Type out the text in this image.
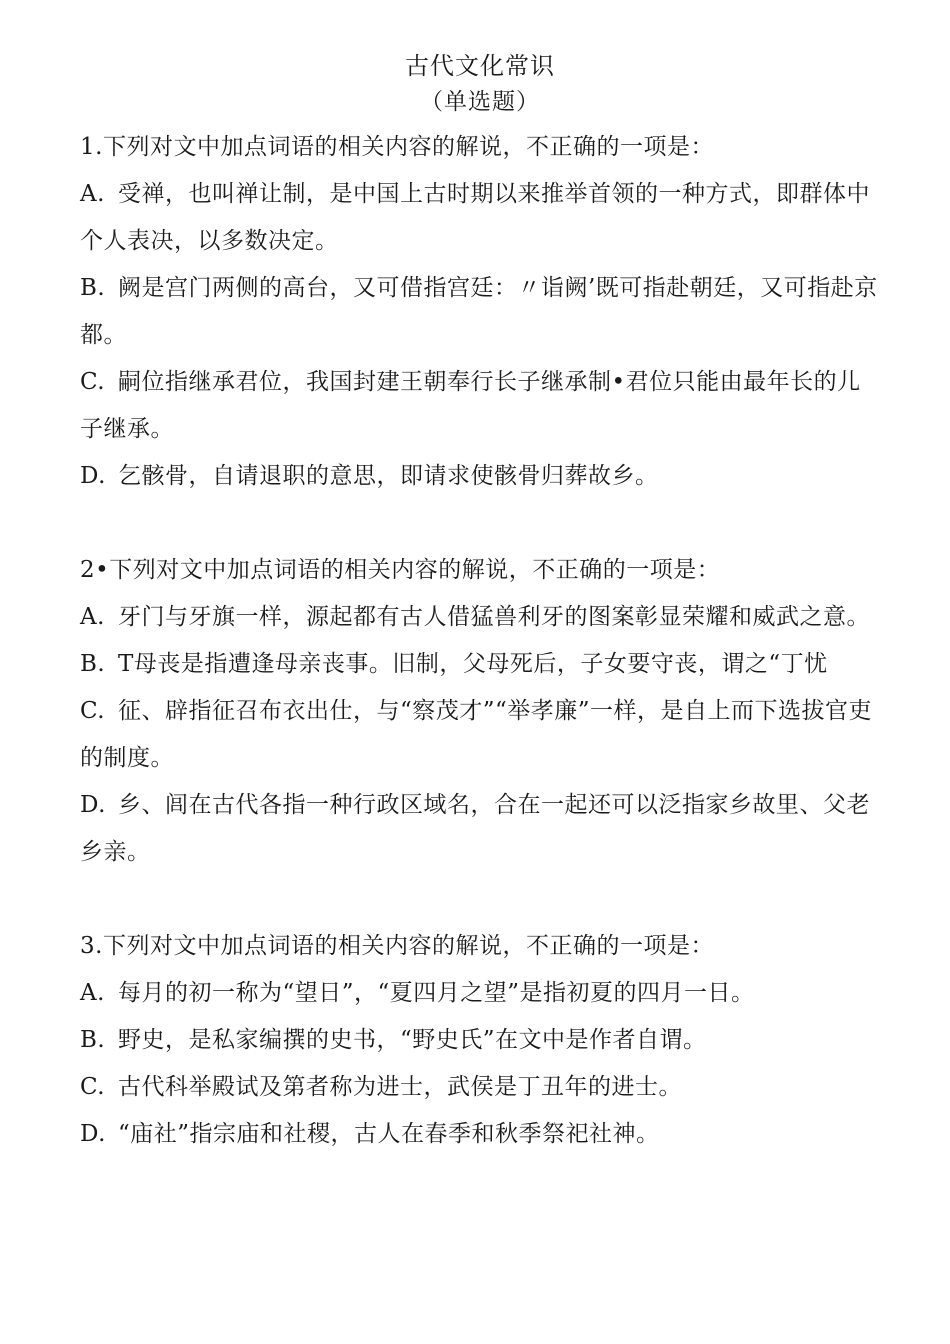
古代文化常识

（单选题）

1.下列对文中加点词语的相关内容的解说，不正确的一项是：

A. 受禅，也叫禅让制，是中国上古时期以来推举首领的一种方式，即群体中个人表决，以多数决定。

B. 阙是宫门两侧的高台，又可借指宫廷：〃诣阙’既可指赴朝廷，又可指赴京都。

C. 嗣位指继承君位，我国封建王朝奉行长子继承制•君位只能由最年长的儿子继承。

D. 乞骸骨，自请退职的意思，即请求使骸骨归葬故乡。

2•下列对文中加点词语的相关内容的解说，不正确的一项是：

A. 牙门与牙旗一样，源起都有古人借猛兽利牙的图案彰显荣耀和威武之意。

B. T母丧是指遭逢母亲丧事。旧制，父母死后，子女要守丧，谓之“丁忧

C. 征、辟指征召布衣出仕，与“察茂才”“举孝廉”一样，是自上而下选拔官吏的制度。

D. 乡、闾在古代各指一种行政区域名，合在一起还可以泛指家乡故里、父老乡亲。

3.下列对文中加点词语的相关内容的解说，不正确的一项是：

A. 每月的初一称为“望日”，“夏四月之望”是指初夏的四月一日。

B. 野史，是私家编撰的史书，“野史氏”在文中是作者自谓。

C. 古代科举殿试及第者称为进士，武侯是丁丑年的进士。

D. “庙社”指宗庙和社稷，古人在春季和秋季祭祀社神。
